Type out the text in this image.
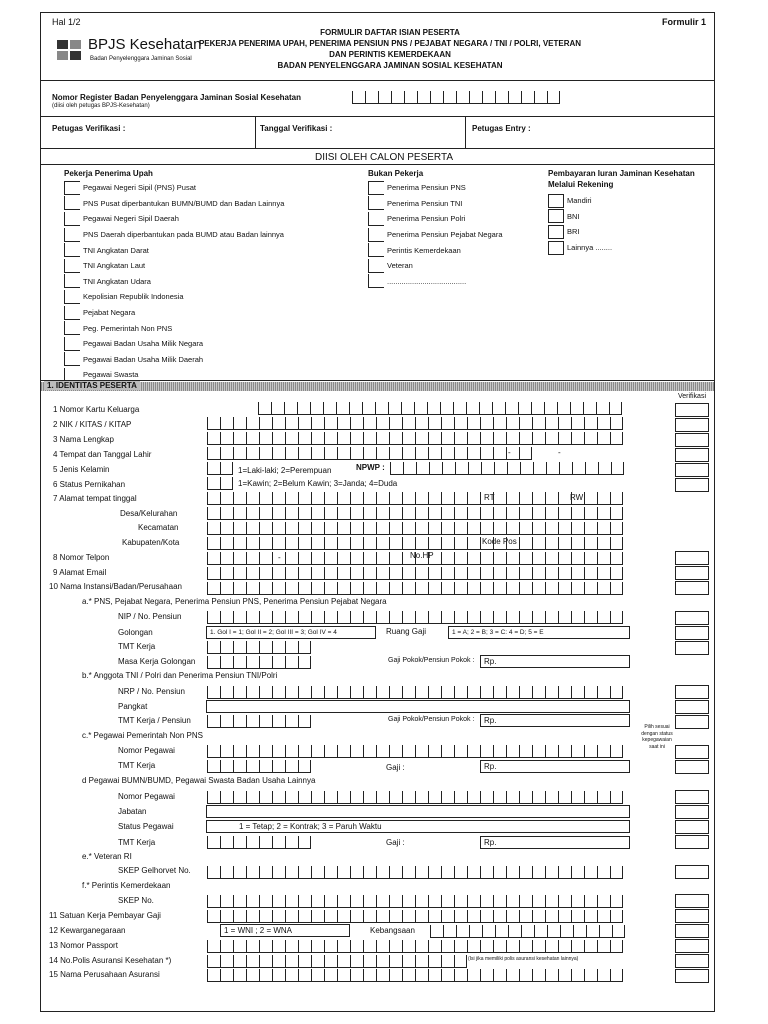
Hal 1/2	Formulir 1
BPJS Kesehatan
Badan Penyelenggara Jaminan Sosial
FORMULIR DAFTAR ISIAN PESERTA
PEKERJA PENERIMA UPAH, PENERIMA PENSIUN PNS / PEJABAT NEGARA / TNI / POLRI, VETERAN
DAN PERINTIS KEMERDEKAAN
BADAN PENYELENGGARA JAMINAN SOSIAL KESEHATAN
Nomor Register Badan Penyelenggara Jaminan Sosial Kesehatan
(diisi oleh petugas BPJS-Kesehatan)
Petugas Verifikasi :	Tanggal Verifikasi :	Petugas Entry :
DIISI OLEH CALON PESERTA
Pekerja Penerima Upah
Pegawai Negeri Sipil (PNS) Pusat
PNS Pusat diperbantukan BUMN/BUMD dan Badan Lainnya
Pegawai Negeri Sipil Daerah
PNS Daerah diperbantukan pada BUMD atau Badan lainnya
TNI Angkatan Darat
TNI Angkatan Laut
TNI Angkatan Udara
Kepolisian Republik Indonesia
Pejabat Negara
Peg. Pemerintah Non PNS
Pegawai Badan Usaha Milik Negara
Pegawai Badan Usaha Milik Daerah
Pegawai Swasta
Bukan Pekerja
Penerima Pensiun PNS
Penerima Pensiun TNI
Penerima Pensiun Polri
Penerima Pensiun Pejabat Negara
Perintis Kemerdekaan
Veteran
......................................
Pembayaran Iuran Jaminan Kesehatan
Melalui Rekening
Mandiri
BNI
BRI
Lainnya ........
1. IDENTITAS PESERTA
Verifikasi
1 Nomor Kartu Keluarga
2 NIK / KITAS / KITAP
3 Nama Lengkap
4 Tempat dan Tanggal Lahir
5 Jenis Kelamin	1=Laki-laki; 2=Perempuan	NPWP :
6 Status Pernikahan	1=Kawin; 2=Belum Kawin; 3=Janda; 4=Duda
7 Alamat tempat tinggal	RT	RW
Desa/Kelurahan
Kecamatan
Kabupaten/Kota	Kode Pos
8 Nomor Telpon	No.HP
9 Alamat Email
10 Nama Instansi/Badan/Perusahaan
a.* PNS, Pejabat Negara, Penerima Pensiun PNS, Penerima Pensiun Pejabat Negara
NIP / No. Pensiun
Golongan	1. Gol I = 1; Gol II = 2; Gol III = 3; Gol IV = 4	Ruang Gaji	1 = A; 2 = B; 3 = C: 4 = D; 5 = E
TMT Kerja
Masa Kerja Golongan	Gaji Pokok/Pensiun Pokok :	Rp.
b.* Anggota TNI / Polri dan Penerima Pensiun TNI/Polri
NRP / No. Pensiun
Pangkat
TMT Kerja / Pensiun	Gaji Pokok/Pensiun Pokok :	Rp.
c.* Pegawai Pemerintah Non PNS
Nomor Pegawai
TMT Kerja	Gaji :	Rp.
d Pegawai BUMN/BUMD, Pegawai Swasta Badan Usaha Lainnya
Nomor Pegawai
Jabatan
Status Pegawai	1 = Tetap; 2 = Kontrak; 3 = Paruh Waktu
TMT Kerja	Gaji :	Rp.
e.* Veteran RI
SKEP Gelhorvet No.
f.* Perintis Kemerdekaan
SKEP No.
11 Satuan Kerja Pembayar Gaji
12 Kewarganegaraan	1 = WNI ; 2 = WNA	Kebangsaan
13 Nomor Passport
14 No.Polis Asuransi Kesehatan *)	(Isi jika memiliki polis asuransi kesehatan lainnya)
15 Nama Perusahaan Asuransi
Pilih sesuai dengan status kepegawaian saat ini
-	-
-
